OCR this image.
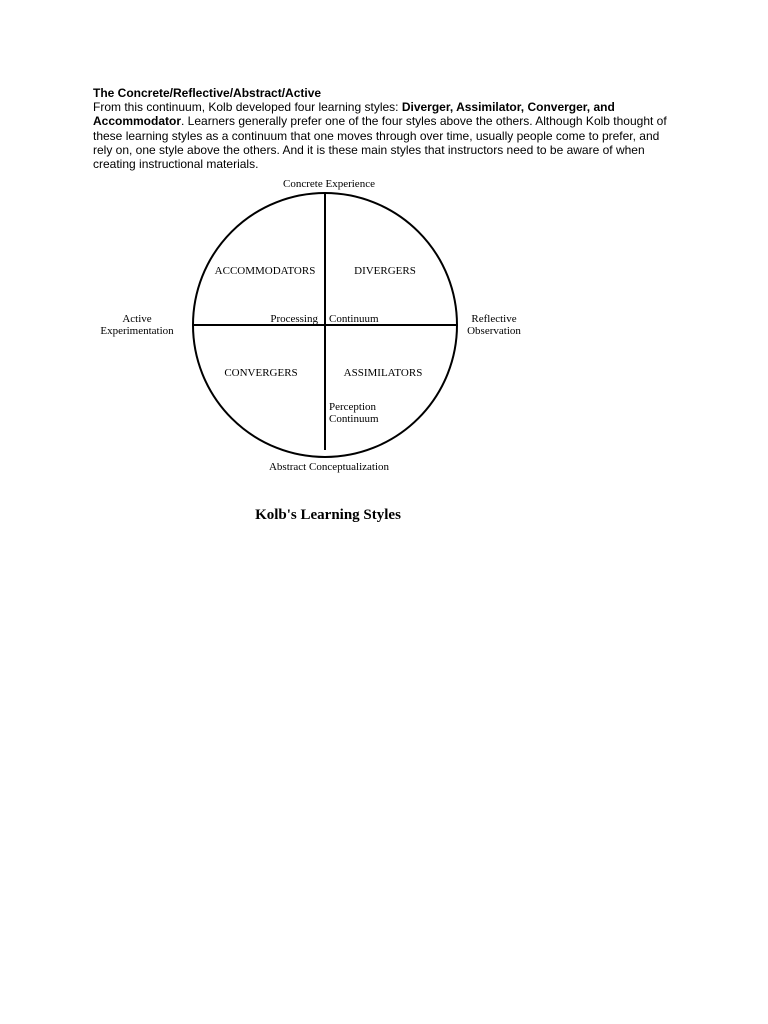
The Concrete/Reflective/Abstract/Active
From this continuum, Kolb developed four learning styles: Diverger, Assimilator, Converger, and Accommodator. Learners generally prefer one of the four styles above the others. Although Kolb thought of these learning styles as a continuum that one moves through over time, usually people come to prefer, and rely on, one style above the others. And it is these main styles that instructors need to be aware of when creating instructional materials.
Concrete Experience
Abstract Conceptualization
Active
Experimentation
Reflective
Observation
ACCOMMODATORS	DIVERGERS
CONVERGERS	ASSIMILATORS
Processing Continuum
Perception
Continuum
Kolb's Learning Styles
